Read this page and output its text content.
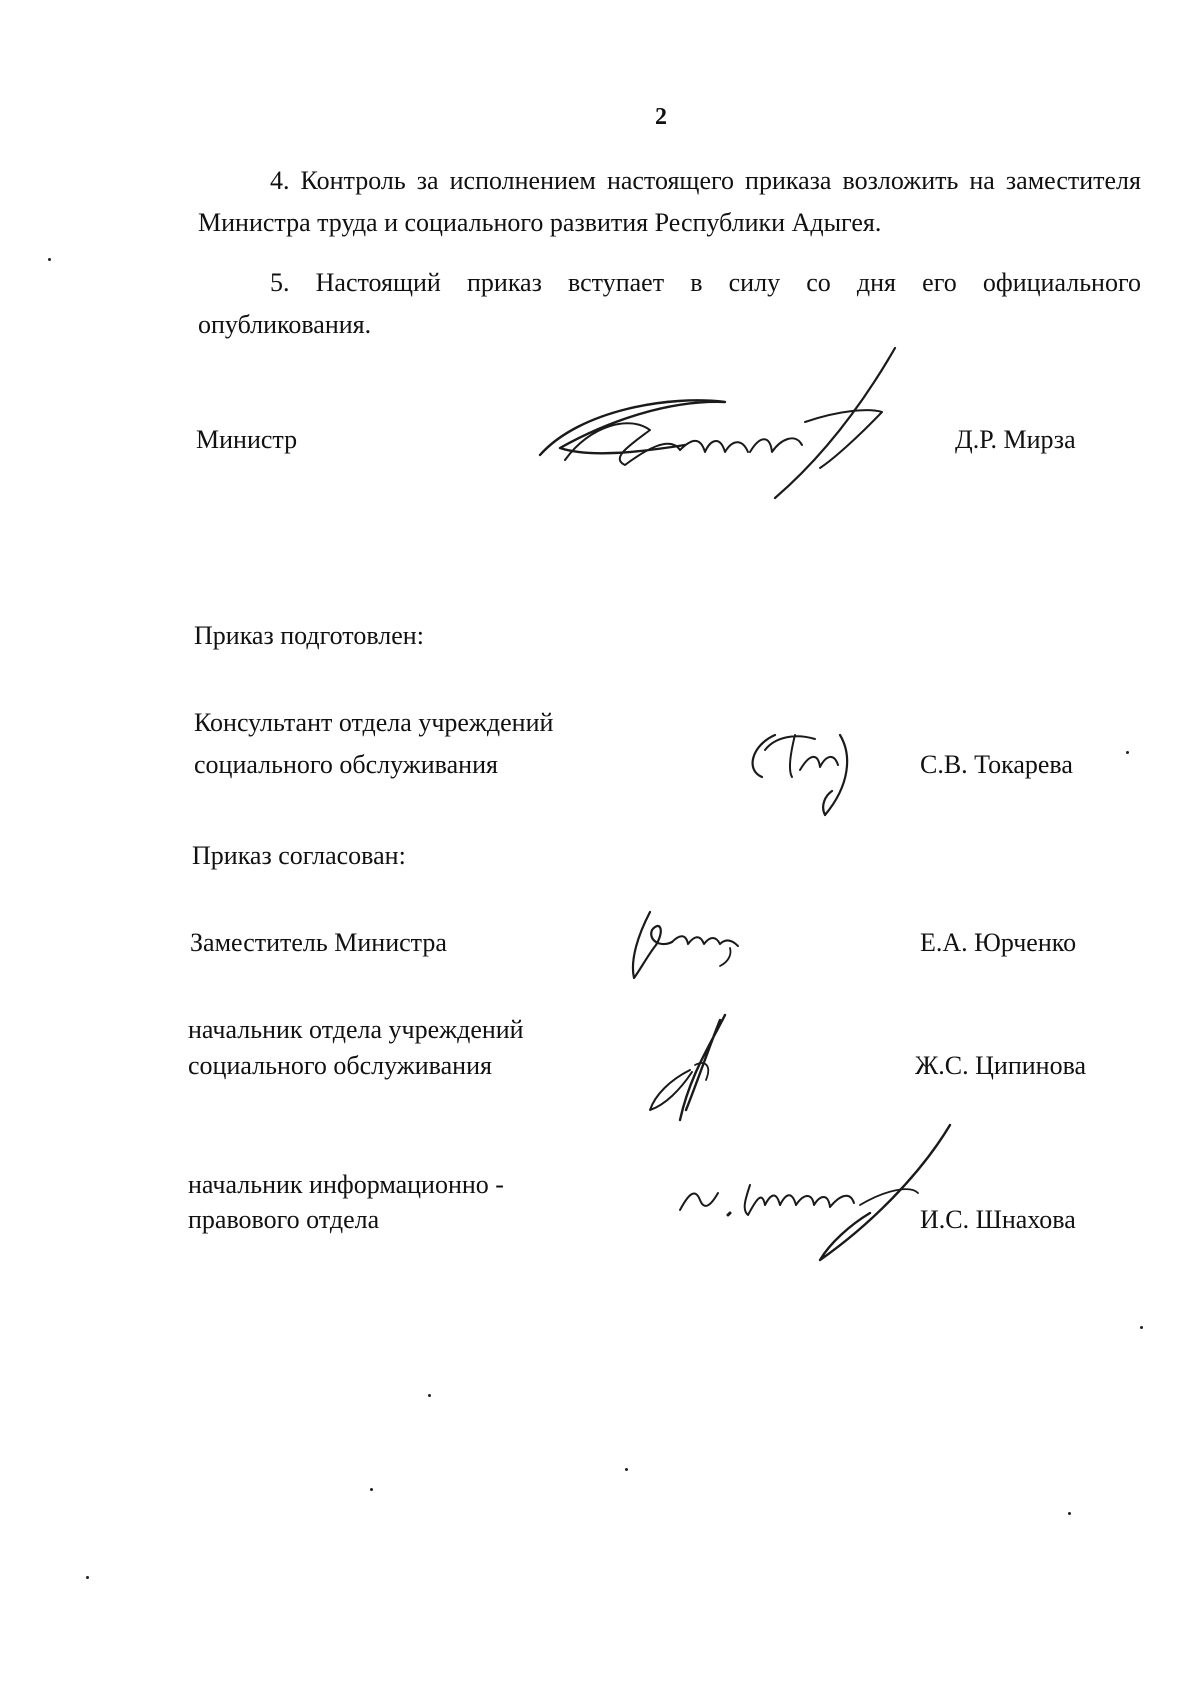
2
4. Контроль за исполнением настоящего приказа возложить на заместителя Министра труда и социального развития Республики Адыгея.
5. Настоящий приказ вступает в силу со дня его официального опубликования.
Министр	Д.Р. Мирза
Приказ подготовлен:
Консультант отдела учреждений
социального обслуживания	С.В. Токарева
Приказ согласован:
Заместитель Министра	Е.А. Юрченко
начальник отдела учреждений
социального обслуживания	Ж.С. Ципинова
начальник информационно -
правового отдела	И.С. Шнахова
